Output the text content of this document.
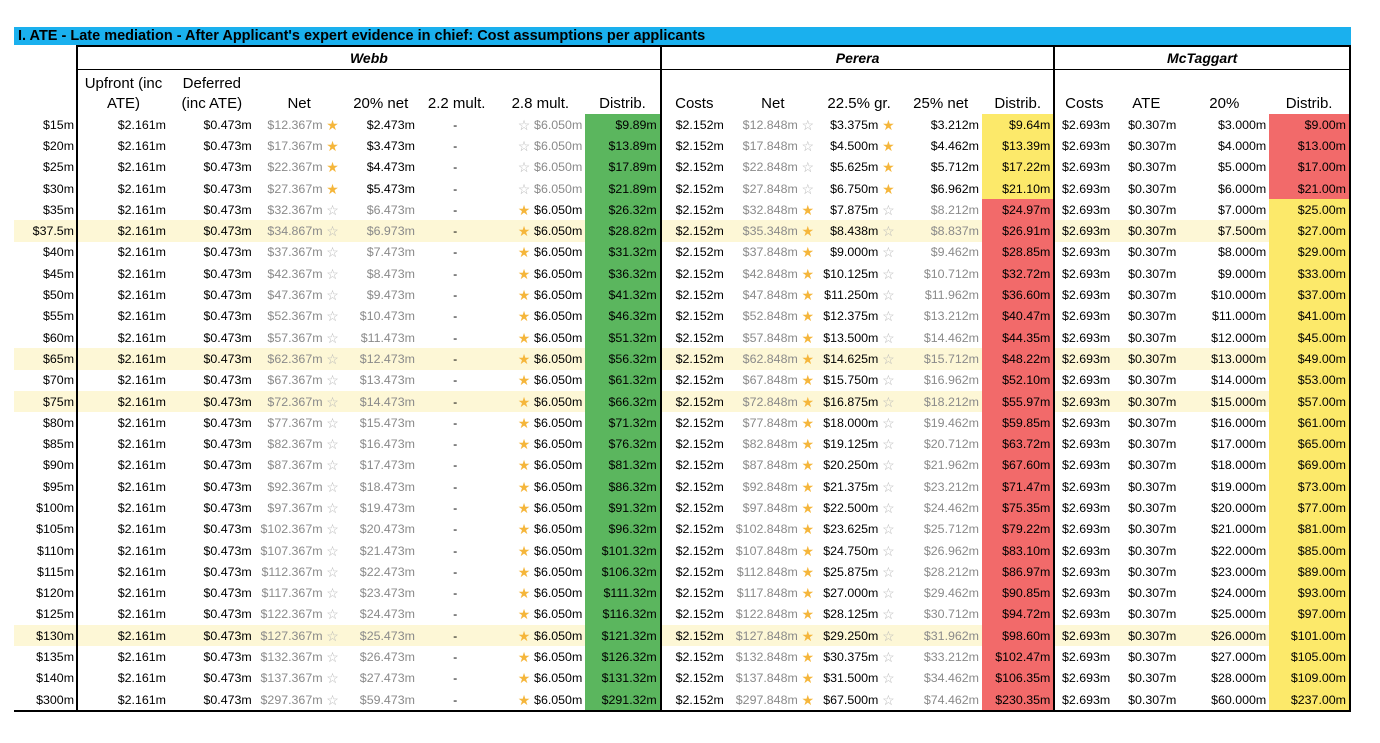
I. ATE - Late mediation - After Applicant's expert evidence in chief: Cost assumptions per applicants
	Webb							Perera					McTaggart			
	Upfront (inc ATE)	Deferred (inc ATE)	Net	20% net	2.2 mult.	2.8 mult.	Distrib.	Costs	Net	22.5% gr.	25% net	Distrib.	Costs	ATE	20%	Distrib.
$15m	$2.161m	$0.473m	$12.367m ★	$2.473m	-	☆ $6.050m	$9.89m	$2.152m	$12.848m ☆	$3.375m ★	$3.212m	$9.64m	$2.693m	$0.307m	$3.000m	$9.00m
$20m	$2.161m	$0.473m	$17.367m ★	$3.473m	-	☆ $6.050m	$13.89m	$2.152m	$17.848m ☆	$4.500m ★	$4.462m	$13.39m	$2.693m	$0.307m	$4.000m	$13.00m
$25m	$2.161m	$0.473m	$22.367m ★	$4.473m	-	☆ $6.050m	$17.89m	$2.152m	$22.848m ☆	$5.625m ★	$5.712m	$17.22m	$2.693m	$0.307m	$5.000m	$17.00m
$30m	$2.161m	$0.473m	$27.367m ★	$5.473m	-	☆ $6.050m	$21.89m	$2.152m	$27.848m ☆	$6.750m ★	$6.962m	$21.10m	$2.693m	$0.307m	$6.000m	$21.00m
$35m	$2.161m	$0.473m	$32.367m ☆	$6.473m	-	★ $6.050m	$26.32m	$2.152m	$32.848m ★	$7.875m ☆	$8.212m	$24.97m	$2.693m	$0.307m	$7.000m	$25.00m
$37.5m	$2.161m	$0.473m	$34.867m ☆	$6.973m	-	★ $6.050m	$28.82m	$2.152m	$35.348m ★	$8.438m ☆	$8.837m	$26.91m	$2.693m	$0.307m	$7.500m	$27.00m
$40m	$2.161m	$0.473m	$37.367m ☆	$7.473m	-	★ $6.050m	$31.32m	$2.152m	$37.848m ★	$9.000m ☆	$9.462m	$28.85m	$2.693m	$0.307m	$8.000m	$29.00m
$45m	$2.161m	$0.473m	$42.367m ☆	$8.473m	-	★ $6.050m	$36.32m	$2.152m	$42.848m ★	$10.125m ☆	$10.712m	$32.72m	$2.693m	$0.307m	$9.000m	$33.00m
$50m	$2.161m	$0.473m	$47.367m ☆	$9.473m	-	★ $6.050m	$41.32m	$2.152m	$47.848m ★	$11.250m ☆	$11.962m	$36.60m	$2.693m	$0.307m	$10.000m	$37.00m
$55m	$2.161m	$0.473m	$52.367m ☆	$10.473m	-	★ $6.050m	$46.32m	$2.152m	$52.848m ★	$12.375m ☆	$13.212m	$40.47m	$2.693m	$0.307m	$11.000m	$41.00m
$60m	$2.161m	$0.473m	$57.367m ☆	$11.473m	-	★ $6.050m	$51.32m	$2.152m	$57.848m ★	$13.500m ☆	$14.462m	$44.35m	$2.693m	$0.307m	$12.000m	$45.00m
$65m	$2.161m	$0.473m	$62.367m ☆	$12.473m	-	★ $6.050m	$56.32m	$2.152m	$62.848m ★	$14.625m ☆	$15.712m	$48.22m	$2.693m	$0.307m	$13.000m	$49.00m
$70m	$2.161m	$0.473m	$67.367m ☆	$13.473m	-	★ $6.050m	$61.32m	$2.152m	$67.848m ★	$15.750m ☆	$16.962m	$52.10m	$2.693m	$0.307m	$14.000m	$53.00m
$75m	$2.161m	$0.473m	$72.367m ☆	$14.473m	-	★ $6.050m	$66.32m	$2.152m	$72.848m ★	$16.875m ☆	$18.212m	$55.97m	$2.693m	$0.307m	$15.000m	$57.00m
$80m	$2.161m	$0.473m	$77.367m ☆	$15.473m	-	★ $6.050m	$71.32m	$2.152m	$77.848m ★	$18.000m ☆	$19.462m	$59.85m	$2.693m	$0.307m	$16.000m	$61.00m
$85m	$2.161m	$0.473m	$82.367m ☆	$16.473m	-	★ $6.050m	$76.32m	$2.152m	$82.848m ★	$19.125m ☆	$20.712m	$63.72m	$2.693m	$0.307m	$17.000m	$65.00m
$90m	$2.161m	$0.473m	$87.367m ☆	$17.473m	-	★ $6.050m	$81.32m	$2.152m	$87.848m ★	$20.250m ☆	$21.962m	$67.60m	$2.693m	$0.307m	$18.000m	$69.00m
$95m	$2.161m	$0.473m	$92.367m ☆	$18.473m	-	★ $6.050m	$86.32m	$2.152m	$92.848m ★	$21.375m ☆	$23.212m	$71.47m	$2.693m	$0.307m	$19.000m	$73.00m
$100m	$2.161m	$0.473m	$97.367m ☆	$19.473m	-	★ $6.050m	$91.32m	$2.152m	$97.848m ★	$22.500m ☆	$24.462m	$75.35m	$2.693m	$0.307m	$20.000m	$77.00m
$105m	$2.161m	$0.473m	$102.367m ☆	$20.473m	-	★ $6.050m	$96.32m	$2.152m	$102.848m ★	$23.625m ☆	$25.712m	$79.22m	$2.693m	$0.307m	$21.000m	$81.00m
$110m	$2.161m	$0.473m	$107.367m ☆	$21.473m	-	★ $6.050m	$101.32m	$2.152m	$107.848m ★	$24.750m ☆	$26.962m	$83.10m	$2.693m	$0.307m	$22.000m	$85.00m
$115m	$2.161m	$0.473m	$112.367m ☆	$22.473m	-	★ $6.050m	$106.32m	$2.152m	$112.848m ★	$25.875m ☆	$28.212m	$86.97m	$2.693m	$0.307m	$23.000m	$89.00m
$120m	$2.161m	$0.473m	$117.367m ☆	$23.473m	-	★ $6.050m	$111.32m	$2.152m	$117.848m ★	$27.000m ☆	$29.462m	$90.85m	$2.693m	$0.307m	$24.000m	$93.00m
$125m	$2.161m	$0.473m	$122.367m ☆	$24.473m	-	★ $6.050m	$116.32m	$2.152m	$122.848m ★	$28.125m ☆	$30.712m	$94.72m	$2.693m	$0.307m	$25.000m	$97.00m
$130m	$2.161m	$0.473m	$127.367m ☆	$25.473m	-	★ $6.050m	$121.32m	$2.152m	$127.848m ★	$29.250m ☆	$31.962m	$98.60m	$2.693m	$0.307m	$26.000m	$101.00m
$135m	$2.161m	$0.473m	$132.367m ☆	$26.473m	-	★ $6.050m	$126.32m	$2.152m	$132.848m ★	$30.375m ☆	$33.212m	$102.47m	$2.693m	$0.307m	$27.000m	$105.00m
$140m	$2.161m	$0.473m	$137.367m ☆	$27.473m	-	★ $6.050m	$131.32m	$2.152m	$137.848m ★	$31.500m ☆	$34.462m	$106.35m	$2.693m	$0.307m	$28.000m	$109.00m
$300m	$2.161m	$0.473m	$297.367m ☆	$59.473m	-	★ $6.050m	$291.32m	$2.152m	$297.848m ★	$67.500m ☆	$74.462m	$230.35m	$2.693m	$0.307m	$60.000m	$237.00m
